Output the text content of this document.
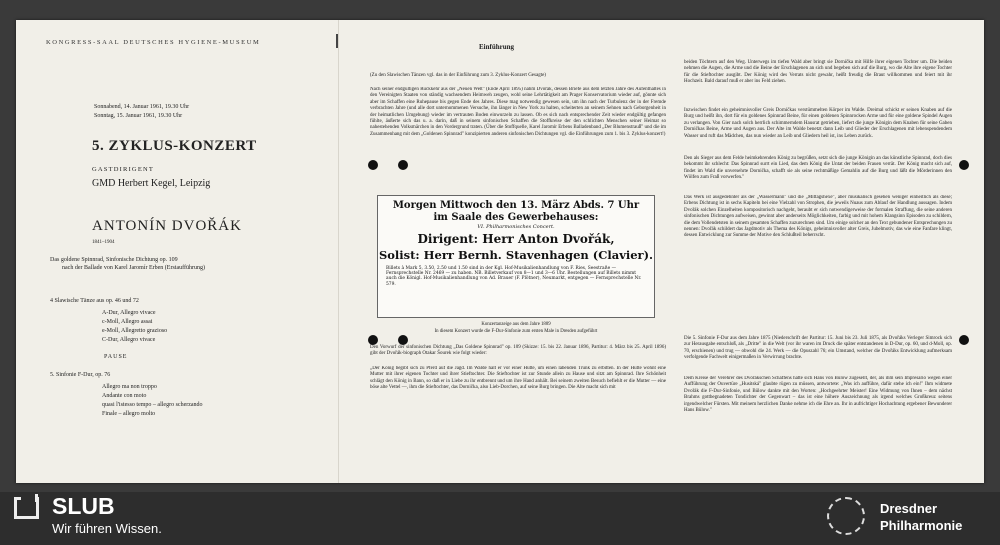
KONGRESS-SAAL DEUTSCHES HYGIENE-MUSEUM
Sonnabend, 14. Januar 1961, 19.30 Uhr
Sonntag, 15. Januar 1961, 19.30 Uhr
5. ZYKLUS-KONZERT
GASTDIRIGENT
GMD Herbert Kegel, Leipzig
ANTONÍN DVOŘÁK
1841–1904
Das goldene Spinnrad, Sinfonische Dichtung op. 109
nach der Ballade von Karel Jaromír Erben (Erstaufführung)
4 Slawische Tänze aus op. 46 und 72
A-Dur, Allegro vivace
c-Moll, Allegro assai
e-Moll, Allegretto grazioso
C-Dur, Allegro vivace
PAUSE
5. Sinfonie F-Dur, op. 76
Allegro ma non troppo
Andante con moto
quasi l'istesso tempo – allegro scherzando
Finale – allegro molto
Einführung
(Zu den Slawischen Tänzen vgl. das in der Einführung zum 3. Zyklus-Konzert Gesagte)
Nach seiner endgültigen Rückkehr aus der „Neuen Welt" (Ende April 1895) nahm Dvořák, dessen Briefe aus dem letzten Jahre des Aufenthaltes in den Vereinigten Staaten von ständig wachsendem Heimweh zeugen, wohl seine Lehrtätigkeit am Prager Konservatorium wieder auf, gönnte sich aber im Schaffen eine Ruhepause bis gegen Ende des Jahres. Diese mag notwendig gewesen sein, um ihn nach der Turbulenz der in der Fremde verbrachten Jahre (und alle dort unternommenen Versuche, ihn länger in New York zu halten, scheiterten an seinem Sehnen nach Geborgenheit in der heimatlichen Umgebung) wieder im vertrauten Boden einwurzeln zu lassen. Ob es sich nach entsprechender Zeit wieder endgültig gefangen fühlte, äußerte sich das u. a. darin, daß in seinem sinfonischen Schaffen die Stoffkreise der den schlichten Menschen seiner Heimat so nahestehenden Volksmärchen in den Vordergrund traten. (Über die Stoffquelle, Karel Jaromír Erbens Balladenband „Der Blumenstrauß" und die im Zusammenhang mit dem „Goldenen Spinnrad" konzipierten anderen sinfonischen Dichtungen vgl. die Einführungen zum 1. bis 3. Zyklus-konzert!)
Morgen Mittwoch den 13. März Abds. 7 Uhr
im Saale des Gewerbehauses:
VI. Philharmonisches Concert.
Dirigent: Herr Anton Dvořák,
Solist: Herr Bernh. Stavenhagen (Clavier).
Billets à Mark 5, 3.50, 2.50 und 1.50 sind in der Kgl. Hof-Musikalienhandlung von F. Ries, Seestraße — Fernsprechstelle Nr. 2469 — zu haben. NB. Billetverkauf von 8—1 und 3—6 Uhr. Bestellungen auf Billets nimmt auch die Königl. Hof-Musikalienhandlung von Ad. Brauer (F. Plötner), Neumarkt, entgegen — Fernsprechstelle Nr. 579.
Konzertanzeige aus dem Jahre 1889
In diesem Konzert wurde die F-Dur-Sinfonie zum ersten Male in Dresden aufgeführt
Den Vorwurf der sinfonischen Dichtung „Das Goldene Spinnrad" op. 109 (Skizze: 15. bis 22. Januar 1896, Partitur: 4. März bis 25. April 1896) gibt der Dvořák-biograph Otakar Šourek wie folgt wieder:
„Der König begibt sich zu Pferd auf die Jagd. Im Walde hält er vor einer Hütte, um einen labenden Trunk zu erbitten. In der Hütte wohnt eine Mutter mit ihrer eigenen Tochter und ihrer Stieftochter. Die Stieftochter ist zur Stunde allein zu Hause und sitzt am Spinnrad. Ihre Schönheit schlägt den König in Bann, so daß er in Liebe zu ihr entbrennt und um ihre Hand anhält. Bei seinem zweiten Besuch befiehlt er die Mutter — eine böse alte Vettel —, ihm die Stieftochter, das Dornička, also Lieb-Dorchen, auf seine Burg bringen. Die Alte macht sich mit
beiden Töchtern auf den Weg. Unterwegs im tiefen Wald aber bringt sie Dornička mit Hilfe ihrer eigenen Tochter um. Die beiden nehmen die Augen, die Arme und die Beine der Erschlagenen an sich und begeben sich auf die Burg, wo die Alte ihre eigene Tochter für die Stieftochter ausgibt. Der König wird des Verrats nicht gewahr, heißt freudig die Braut willkommen und feiert mit ihr Hochzeit. Bald darauf muß er aber ins Feld ziehen.
Inzwischen findet ein geheimnisvoller Greis Dorničkas verstümmelten Körper im Walde. Dreimal schickt er seinen Knaben auf die Burg und heißt ihn, dort für ein goldenes Spinnrad Beine, für einen goldenen Spinnrocken Arme und für eine goldene Spindel Augen zu verlangen. Von Gier nach solch herrlich schimmerndem Hausrat getrieben, liefert die junge Königin dem Knaben für seine Gaben Dorničkas Beine, Arme und Augen aus. Der Alte im Walde benetzt dann Leib und Glieder der Erschlagenen mit lebenspendendem Wasser und ruft das Mädchen, das nun wieder an Leib und Gliedern heil ist, ins Leben zurück.
Den als Sieger aus dem Felde heimkehrenden König zu begrüßen, setzt sich die junge Königin an das künstliche Spinnrad, doch dies bekommt ihr schlecht: Das Spinnrad surrt ein Lied, das dem König die Untat der beiden Frauen verrät. Der König macht sich auf, findet im Wald die unversehrte Dornička, schafft sie als seine rechtmäßige Gemahlin auf die Burg und läßt die Mörderinnen den Wölfen zum Fraß vorwerfen."
Das Werk ist ausgedehnter als der „Wassermann" und die „Mittagshexe", aber musikalisch gesehen weniger einheitlich als diese; Erbens Dichtung ist in sechs Kapiteln bei eine Vielzahl von Strophen, die jeweils Nuaus zum Ablauf der Handlung aussagen. Indem Dvořák solchen Einzelheiten kompositorisch nachgeht, beraubt er sich notwendigerweise der formalen Straffung, die seine anderen sinfonischen Dichtungen aufweisen, gewinnt aber anderseits Möglichkeiten, farbig und mit hohem Klangsinn Episoden zu schildern, die dem Vollendetsten in seinem gesamten Schaffen zuzurechnen sind. Um einige solcher an den Text gebundener Entsprechungen zu nennen: Dvořák schildert das Jagdmotiv als Thema des Königs, geheimnisvoller alter Greis, Jubelmotiv, das wie eine Fanfare klingt, dessen Entwicklung zur Summe der Motive den Schlußteil beherrscht.
Die 5. Sinfonie F-Dur aus dem Jahre 1875 (Niederschrift der Partitur: 15. Juni bis 23. Juli 1875, als Dvořáks Verleger Simrock sich zur Herausgabe entschloß, als „Dritte" in die Welt (vor ihr waren im Druck die später entstandenen in D-Dur, op. 60, und d-Moll, op. 70, erschienen) und trug — obwohl die 24. Werk — die Opuszahl 76; ein Umstand, welcher die Dvořáks Entwicklung aufmerksam verfolgende Fachwelt einigermaßen in Verwirrung brachte.
Dem Kreise der Verehrer des Dvořákschen Schaffens hatte sich Hans von Bülow zugesellt, der, als ihm sein Impresario wegen einer Aufführung der Ouvertüre „Husitská" glaubte rügen zu müssen, antwortete: „Was ich aufführe, dafür stehe ich ein!" Ihm widmete Dvořák die F-Dur-Sinfonie, und Bülow dankte mit den Worten: „Hochgeehrter Meister! Eine Widmung von Ihnen – dem nächst Brahms gottbegnadeten Tondichter der Gegenwart – das ist eine höhere Auszeichnung als irgend welches Großkreuz seitens irgendwelcher Fürsten. Mit meinem herzlichen Danke nehme ich die Ehre an. Ihr in aufrichtiger Hochachtung ergebener Bewunderer Hans Bülow."
SLUB
Wir führen Wissen.
Dresdner
Philharmonie
